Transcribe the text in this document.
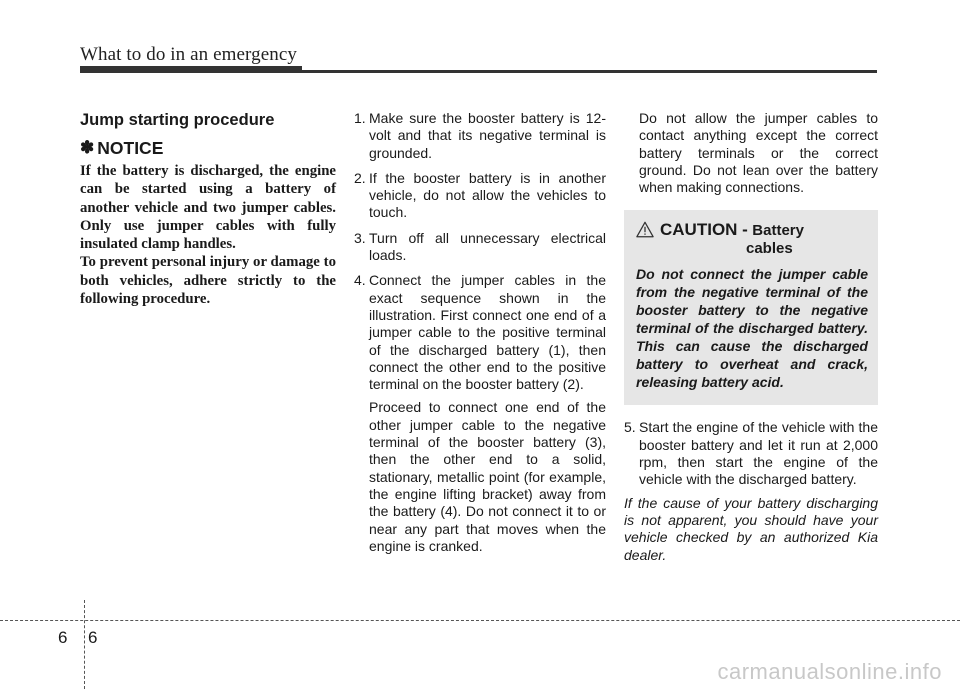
What to do in an emergency
Jump starting procedure
✽ NOTICE

If the battery is discharged, the engine can be started using a battery of another vehicle and two jumper cables. Only use jumper cables with fully insulated clamp handles.

To prevent personal injury or damage to both vehicles, adhere strictly to the following procedure.

1. Make sure the booster battery is 12-volt and that its negative terminal is grounded.
2. If the booster battery is in another vehicle, do not allow the vehicles to touch.
3. Turn off all unnecessary electrical loads.
4. Connect the jumper cables in the exact sequence shown in the illustration. First connect one end of a jumper cable to the positive terminal of the discharged battery (1), then connect the other end to the positive terminal on the booster battery (2).
Proceed to connect one end of the other jumper cable to the negative terminal of the booster battery (3), then the other end to a solid, stationary, metallic point (for example, the engine lifting bracket) away from the battery (4). Do not connect it to or near any part that moves when the engine is cranked.

Do not allow the jumper cables to contact anything except the correct battery terminals or the correct ground. Do not lean over the battery when making connections.

CAUTION - Battery
cables

Do not connect the jumper cable from the negative terminal of the booster battery to the negative terminal of the discharged battery. This can cause the discharged battery to overheat and crack, releasing battery acid.

5. Start the engine of the vehicle with the booster battery and let it run at 2,000 rpm, then start the engine of the vehicle with the discharged battery.

If the cause of your battery discharging is not apparent, you should have your vehicle checked by an authorized Kia dealer.

6 6
carmanualsonline.info
